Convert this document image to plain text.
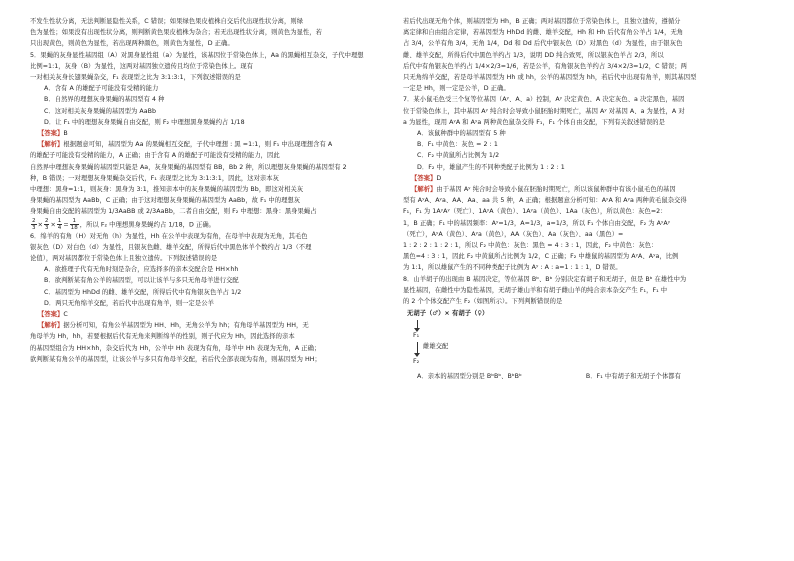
不发生性状分离，无法判断显隐性关系，C 错误；如果绿色果皮植株自交后代出现性状分离，则绿

色为显性；如果没有出现性状分离，则判断黄色果皮植株为杂合；若无出现性状分离，则黄色为显性，若

只出现黄色，则黄色为显性，若出现两种颜色，则黄色为显性，D 正确。

5．果蝇的灰身显性基因组（A）对黑身显性组（a）为显性，该基因位于常染色体上，Aa 的黑蝇相互杂交，子代中理想

比例=1:1，灰身（B）为显性，这两对基因独立遗传且均位于常染色体上。现有

一对相关灰身长翅果蝇杂交，F₁ 表现型之比为 3:1:3:1，下列叙述错误的是

A．含有 A 的雄配子可能没有受精的能力

B．自然界的理想灰身果蝇的基因型有 4 种

C．这对相关灰身果蝇的基因型为 AaBb

D．让 F₁ 中的理想灰身果蝇自由交配，则 F₂ 中理想黑身果蝇约占 1/18

【答案】B

【解析】根据题意可知，基因型为 Aa 的果蝇相互交配，子代中理想 : 黑 =1:1，则 F₁ 中出现理想含有 A

的雄配子可能没有受精的能力，A 正确；由于含有 A 的雄配子可能没有受精的能力，因此

自然界中理想灰身果蝇的基因型只能是 Aa，灰身果蝇的基因型有 BB，Bb 2 种，所以理想灰身果蝇的基因型有 2

种，B 错误；一对理想灰身果蝇杂交后代，F₁ 表现型之比为 3:1:3:1，因此，这对亲本灰

中理想：黑身=1:1，则灰身：黑身为 3:1，推知亲本中的灰身果蝇的基因型为 Bb，即这对相关灰

身果蝇的基因型为 AaBb，C 正确；由于这对理想灰身果蝇的基因型为 AaBb，故 F₁ 中的理想灰

身果蝇自由交配的基因型为 1/3AaBB 或 2/3AaBb，二者自由交配，则 F₂ 中理想：黑身：黑身果蝇占

$\frac{2}{3} \times \frac{2}{3} \times \frac{1}{4} = \frac{1}{18}$ ，所以 F₂ 中理想黑身果蝇约占 1/18，D 正确。

6．绵羊的有角（H）对无角（h）为显性，Hh 在公羊中表现为有角，在母羊中表现为无角，其毛色

银灰色（D）对白色（d）为显性，且银灰色雌、雄羊交配，所得后代中黑色体羊个数约占 1/3（不理

论值），两对基因都位于常染色体上且独立遗传。下列叙述错误的是

A．欲推理子代有无角时刻是杂合，应选择多的亲本交配合是 HH×hh

B．欲判断某有角公羊的基因型，可以让该羊与多只无角母羊进行交配

C．基因型为 HhDd 的雌、雄羊交配，所得后代中有角银灰色羊占 1/2

D．两只无角绵羊交配，若后代中出现有角羊，则一定是公羊

【答案】C

【解析】据分析可知，有角公羊基因型为 HH、Hh，无角公羊为 hh；有角母羊基因型为 HH，无

角母羊为 Hh，hh，若要根据后代有无角来判断绵羊的性别，则子代应为 Hh，因此选择的亲本

的基因型组合为 HH×hh，杂交后代为 Hh，公羊中 Hh 表现为有角，母羊中 Hh 表现为无角，A 正确；

欲判断某有角公羊的基因型，让该公羊与多只有角母羊交配，若后代全部表现为有角，则基因型为 HH；

若后代出现无角个体，则基因型为 Hh，B 正确；两对基因都位于常染色体上，且独立遗传，遵循分

离定律和自由组合定律，若基因型为 HhDd 的雌、雄羊交配，Hh 和 Hh 后代有角公羊占 1/4，无角

占 3/4，公羊有角 3/4，无角 1/4，Dd 和 Dd 后代中银灰色（D）对黑色（d）为显性，由于银灰色

雌、雄羊交配，所得后代中黑色羊约占 1/3，说明 DD 纯合致死，所以银灰色羊占 2/3，所以

后代中有角银灰色羊约占 1/4×2/3=1/6，若是公羊，有角银灰色羊约占 3/4×2/3=1/2，C 错误；两

只无角绵羊交配，若是母羊基因型为 Hh 或 hh，公羊的基因型为 hh，若后代中出现有角羊，则其基因型

一定是 Hh，则一定是公羊，D 正确。

7．某小鼠毛色受三个复等位基因（Aʸ、A、a）控制，Aʸ 决定黄色、A 决定灰色、a 决定黑色，基因

位于常染色体上，其中基因 Aʸ 纯合时会导致小鼠胚胎时期死亡，基因 Aʸ 对基因 A、a 为显性，A 对

a 为显性，现用 AʸA 和 Aʸa 两种黄色鼠杂交得 F₁，F₁ 个体自由交配，下列有关叙述错误的是

A．该鼠种群中的基因型有 5 种

B．F₁ 中黄色：灰色 = 2 : 1

C．F₂ 中黄鼠所占比例为 1/2

D．F₂ 中，雄鼠产生的不同种类配子比例为 1 : 2 : 1

【答案】D

【解析】由于基因 Aʸ 纯合时会导致小鼠在胚胎时期死亡，所以该鼠种群中有该小鼠毛色的基因

型有 AʸA、Aʸa、AA、Aa、aa 共 5 种，A 正确；根据题意分析可知：AʸA 和 Aʸa 两种黄毛鼠杂交得

F₁，F₁ 为 1AʸAʸ（死亡）、1AʸA（黄色）、1Aʸa（黄色）、1Aa（灰色），所以黄色：灰色=2：

1，B 正确；F₁ 中的基因频率：Aʸ=1/3，A=1/3，a=1/3，所以 F₁ 个体自由交配，F₂ 为 AʸAʸ

（死亡），AʸA（黄色）、Aʸa（黄色），AA（灰色）、Aa（灰色）、aa（黑色）=

1 : 2 : 2 : 1 : 2 : 1，所以 F₂ 中黄色：灰色：黑色 = 4 : 3 : 1，因此，F₂ 中黄色：灰色：

黑色=4 : 3 : 1，因此 F₂ 中黄鼠所占比例为 1/2，C 正确；F₂ 中雄鼠的基因型为 AʸA、Aʸa，比例

为 1:1，所以雄鼠产生的不同种类配子比例为 Aʸ : A : a=1 : 1 : 1，D 错误。

8．山羊胡子的出现由 B 基因决定，等位基因 Bᵇ、Bᵇ 分别决定有胡子和无胡子，但是 Bᵇ 在雄性中为

显性基因，在雌性中为隐性基因，无胡子雄山羊和有胡子雌山羊的纯合亲本杂交产生 F₁，F₁ 中

的 2 个个体交配产生 F₂（如图所示）。下列判断错误的是

无胡子（♂）× 有胡子（♀）
F₁
雌雄交配
F₂

A．亲本的基因型分别是 BᵇBᵇ、BᵇBᵇ	B．F₁ 中有胡子和无胡子个体都有
